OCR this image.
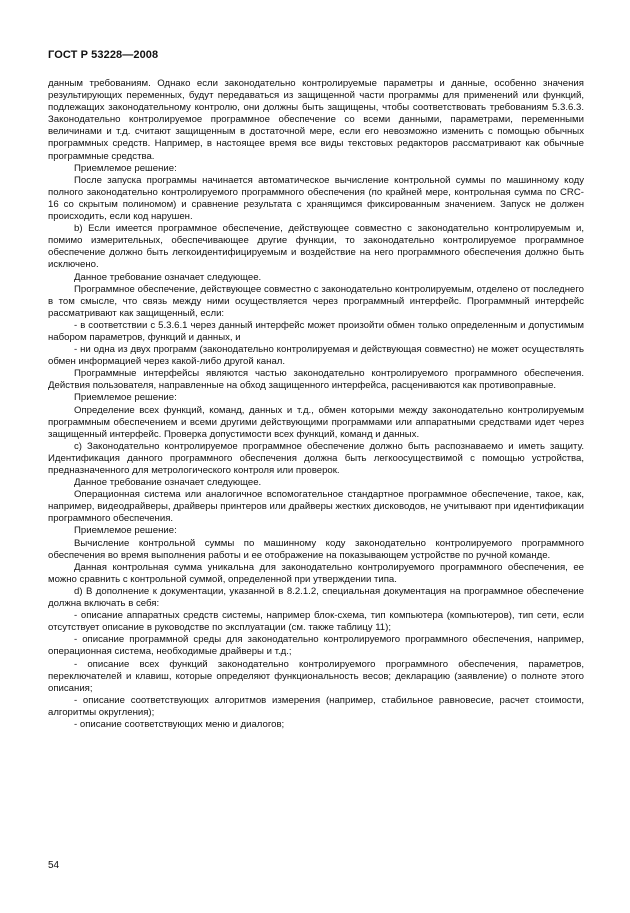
ГОСТ Р 53228—2008

данным требованиям. Однако если законодательно контролируемые параметры и данные, особенно значения результирующих переменных, будут передаваться из защищенной части программы для применений или функций, подлежащих законодательному контролю, они должны быть защищены, чтобы соответствовать требованиям 5.3.6.3. Законодательно контролируемое программное обеспечение со всеми данными, параметрами, переменными величинами и т.д. считают защищенным в достаточной мере, если его невозможно изменить с помощью обычных программных средств. Например, в настоящее время все виды текстовых редакторов рассматривают как обычные программные средства.

Приемлемое решение:

После запуска программы начинается автоматическое вычисление контрольной суммы по машинному коду полного законодательно контролируемого программного обеспечения (по крайней мере, контрольная сумма по CRC-16 со скрытым полиномом) и сравнение результата с хранящимся фиксированным значением. Запуск не должен происходить, если код нарушен.

b) Если имеется программное обеспечение, действующее совместно с законодательно контролируемым и, помимо измерительных, обеспечивающее другие функции, то законодательно контролируемое программное обеспечение должно быть легкоидентифицируемым и воздействие на него программного обеспечения должно быть исключено.

Данное требование означает следующее.

Программное обеспечение, действующее совместно с законодательно контролируемым, отделено от последнего в том смысле, что связь между ними осуществляется через программный интерфейс. Программный интерфейс рассматривают как защищенный, если:

- в соответствии с 5.3.6.1 через данный интерфейс может произойти обмен только определенным и допустимым набором параметров, функций и данных, и

- ни одна из двух программ (законодательно контролируемая и действующая совместно) не может осуществлять обмен информацией через какой-либо другой канал.

Программные интерфейсы являются частью законодательно контролируемого программного обеспечения. Действия пользователя, направленные на обход защищенного интерфейса, расцениваются как противоправные.

Приемлемое решение:

Определение всех функций, команд, данных и т.д., обмен которыми между законодательно контролируемым программным обеспечением и всеми другими действующими программами или аппаратными средствами идет через защищенный интерфейс. Проверка допустимости всех функций, команд и данных.

c) Законодательно контролируемое программное обеспечение должно быть распознаваемо и иметь защиту. Идентификация данного программного обеспечения должна быть легкоосуществимой с помощью устройства, предназначенного для метрологического контроля или проверок.

Данное требование означает следующее.

Операционная система или аналогичное вспомогательное стандартное программное обеспечение, такое, как, например, видеодрайверы, драйверы принтеров или драйверы жестких дисководов, не учитывают при идентификации программного обеспечения.

Приемлемое решение:

Вычисление контрольной суммы по машинному коду законодательно контролируемого программного обеспечения во время выполнения работы и ее отображение на показывающем устройстве по ручной команде.

Данная контрольная сумма уникальна для законодательно контролируемого программного обеспечения, ее можно сравнить с контрольной суммой, определенной при утверждении типа.

d) В дополнение к документации, указанной в 8.2.1.2, специальная документация на программное обеспечение должна включать в себя:

- описание аппаратных средств системы, например блок-схема, тип компьютера (компьютеров), тип сети, если отсутствует описание в руководстве по эксплуатации (см. также таблицу 11);

- описание программной среды для законодательно контролируемого программного обеспечения, например, операционная система, необходимые драйверы и т.д.;

- описание всех функций законодательно контролируемого программного обеспечения, параметров, переключателей и клавиш, которые определяют функциональность весов; декларацию (заявление) о полноте этого описания;

- описание соответствующих алгоритмов измерения (например, стабильное равновесие, расчет стоимости, алгоритмы округления);

- описание соответствующих меню и диалогов;

54
